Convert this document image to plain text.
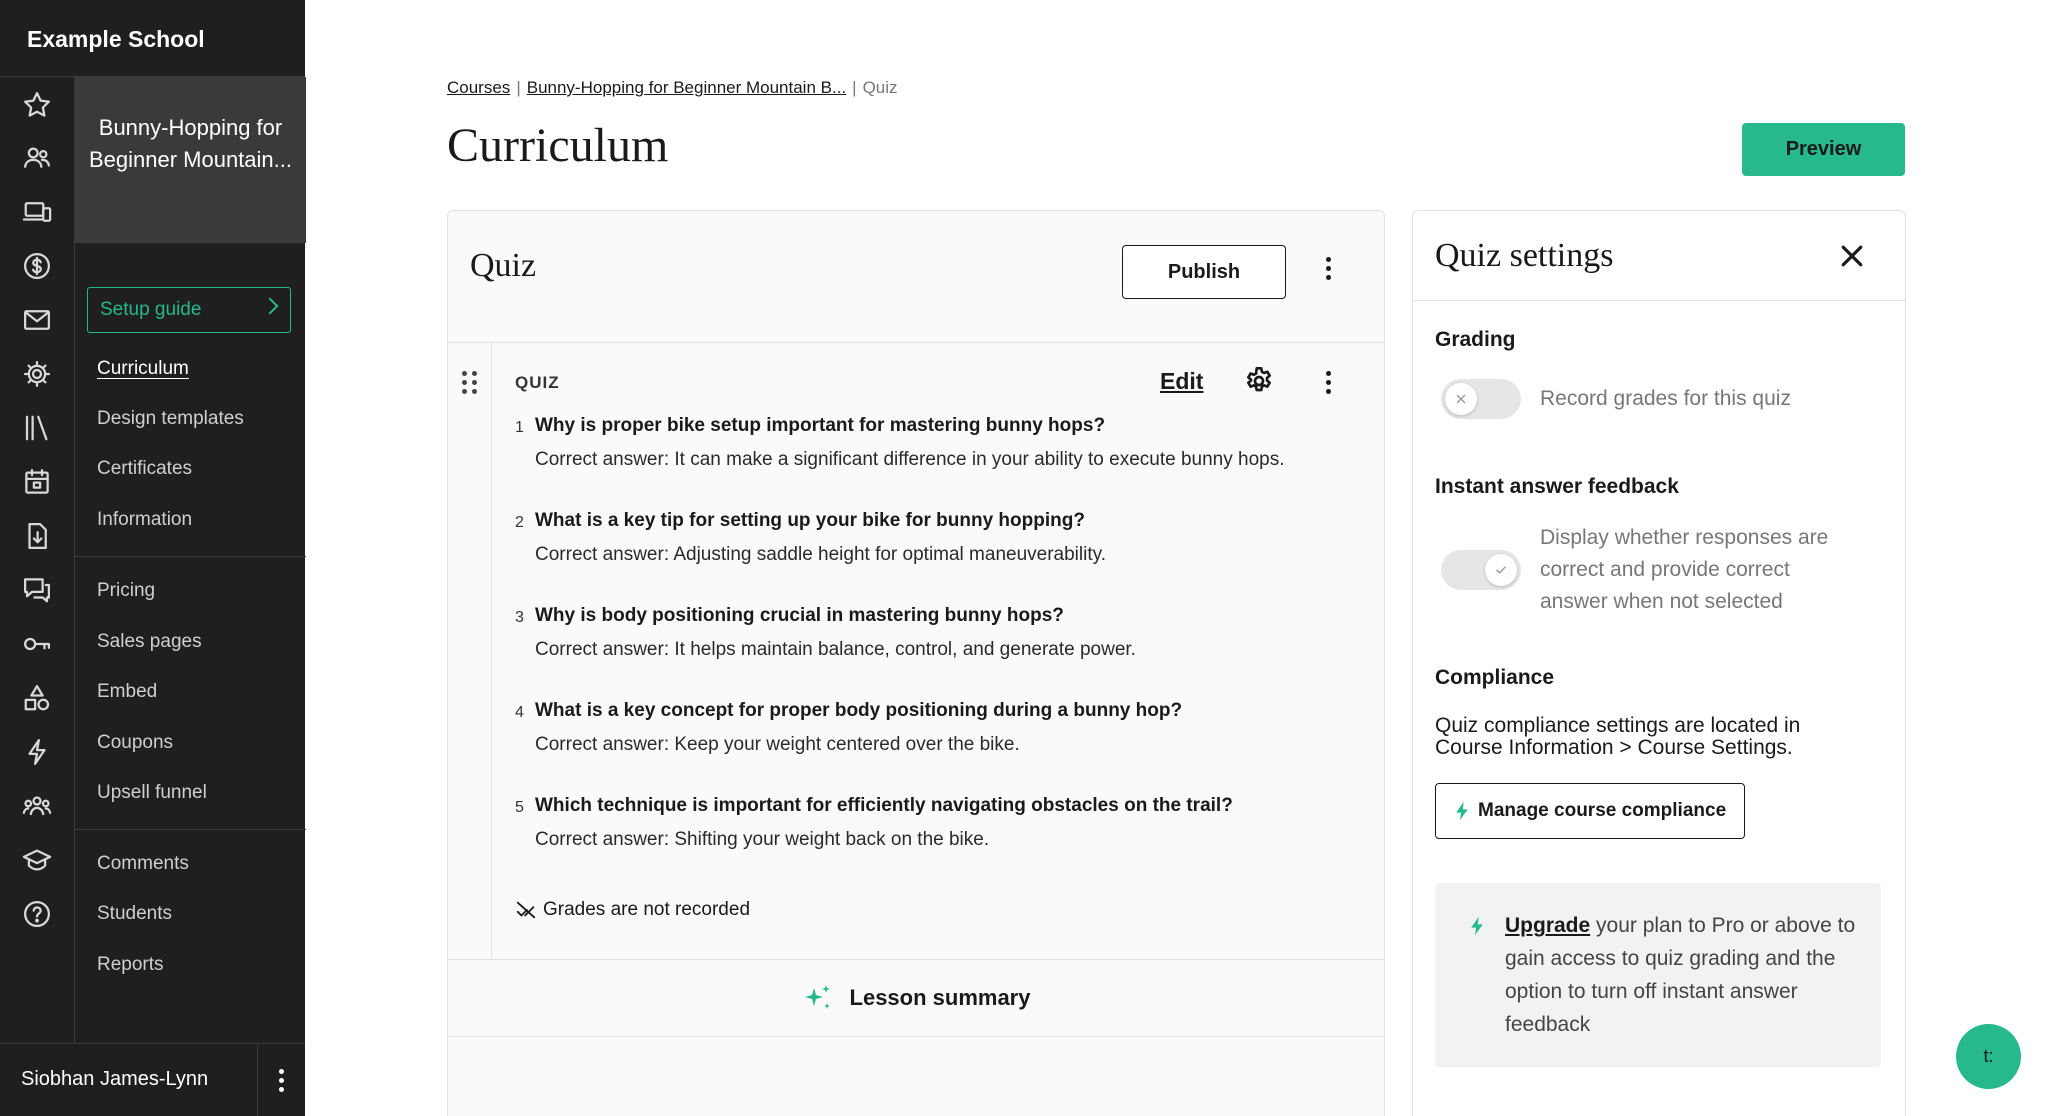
Example School
Bunny-Hopping for Beginner Mountain...
Setup guide
Curriculum
Design templates
Certificates
Information
Pricing
Sales pages
Embed
Coupons
Upsell funnel
Comments
Students
Reports
Siobhan James-Lynn
Courses | Bunny-Hopping for Beginner Mountain B... | Quiz
Curriculum	Preview
Quiz	Publish
QUIZ	Edit
1 Why is proper bike setup important for mastering bunny hops?
Correct answer: It can make a significant difference in your ability to execute bunny hops.
2 What is a key tip for setting up your bike for bunny hopping?
Correct answer: Adjusting saddle height for optimal maneuverability.
3 Why is body positioning crucial in mastering bunny hops?
Correct answer: It helps maintain balance, control, and generate power.
4 What is a key concept for proper body positioning during a bunny hop?
Correct answer: Keep your weight centered over the bike.
5 Which technique is important for efficiently navigating obstacles on the trail?
Correct answer: Shifting your weight back on the bike.
Grades are not recorded
Lesson summary
Quiz settings
Grading
Record grades for this quiz
Instant answer feedback
Display whether responses are
correct and provide correct
answer when not selected
Compliance
Quiz compliance settings are located in
Course Information > Course Settings.
Manage course compliance
Upgrade your plan to Pro or above to gain access to quiz grading and the option to turn off instant answer feedback
t:
